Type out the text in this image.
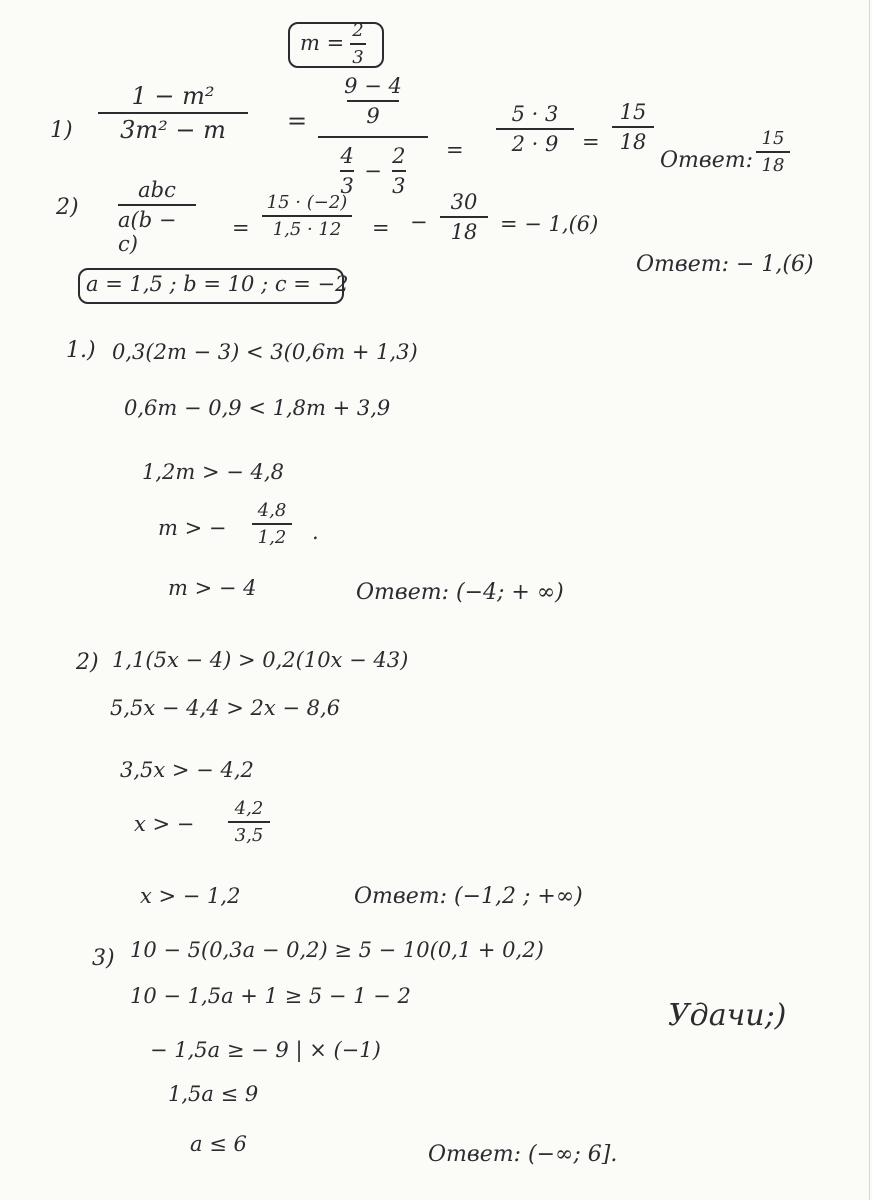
m =
2
3
1)
1 − m²
3m² − m	=
9 − 4
9
$\frac{4}{3} - \frac{2}{3}$ =
5 · 3
2 · 9 =
15
18
Ответ:
15
18
2)
abc
a(b − c)
=
15 · (−2)
1,5 · 12 = −
30
18 = − 1,(6)
Ответ: − 1,(6)
a = 1,5 ; b = 10 ; c = −2
1.) 0,3(2m − 3) < 3(0,6m + 1,3)
0,6m − 0,9 < 1,8m + 3,9
1,2m > − 4,8
m > −
4,8
1,2 .
m > − 4	Ответ: (−4; + ∞)
2) 1,1(5x − 4) > 0,2(10x − 43)
5,5x − 4,4 > 2x − 8,6
3,5x > − 4,2
x > −
4,2
3,5
x > − 1,2	Ответ: (−1,2 ; +∞)
3) 10 − 5(0,3a − 0,2) ≥ 5 − 10(0,1 + 0,2)
10 − 1,5a + 1 ≥ 5 − 1 − 2
− 1,5a ≥ − 9 | × (−1)
1,5a ≤ 9
a ≤ 6	Ответ: (−∞; 6].
Удачи;)
